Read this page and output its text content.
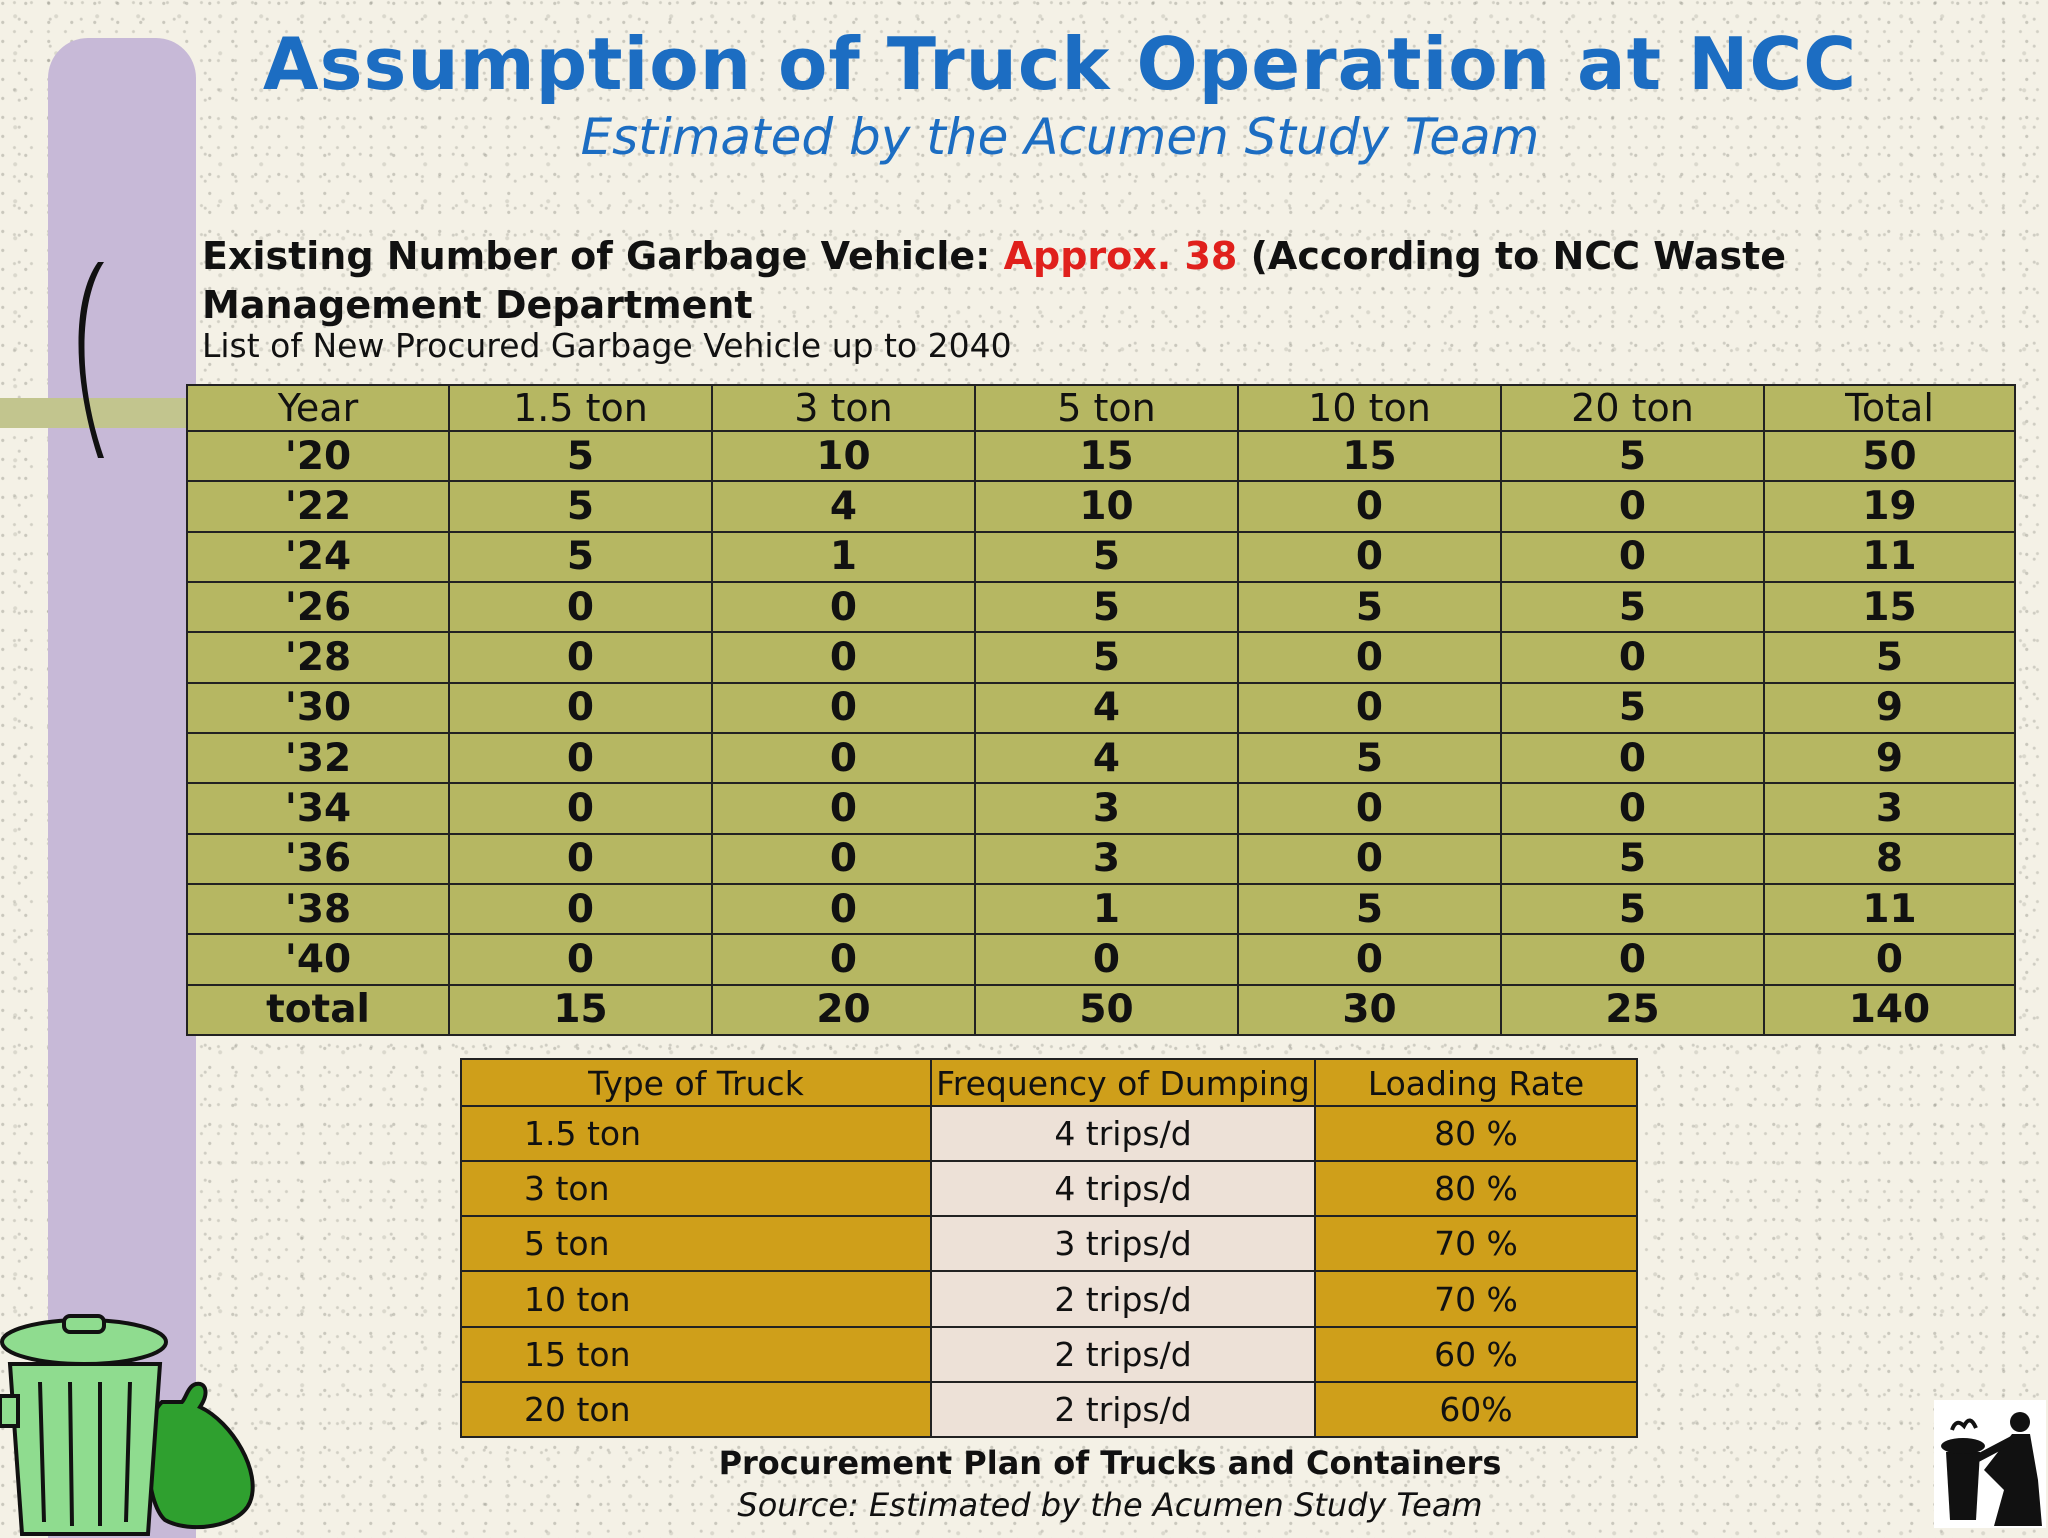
Assumption of Truck Operation at NCC
Estimated by the Acumen Study Team
Existing Number of Garbage Vehicle: Approx. 38 (According to NCC Waste Management Department
List of New Procured Garbage Vehicle up to 2040
Year	1.5 ton	3 ton	5 ton	10 ton	20 ton	Total
'20	5	10	15	15	5	50
'22	5	4	10	0	0	19
'24	5	1	5	0	0	11
'26	0	0	5	5	5	15
'28	0	0	5	0	0	5
'30	0	0	4	0	5	9
'32	0	0	4	5	0	9
'34	0	0	3	0	0	3
'36	0	0	3	0	5	8
'38	0	0	1	5	5	11
'40	0	0	0	0	0	0
total	15	20	50	30	25	140
Type of Truck	Frequency of Dumping	Loading Rate
1.5 ton	4 trips/d	80 %
3 ton	4 trips/d	80 %
5 ton	3 trips/d	70 %
10 ton	2 trips/d	70 %
15 ton	2 trips/d	60 %
20 ton	2 trips/d	60%
Procurement Plan of Trucks and Containers
Source: Estimated by the Acumen Study Team
